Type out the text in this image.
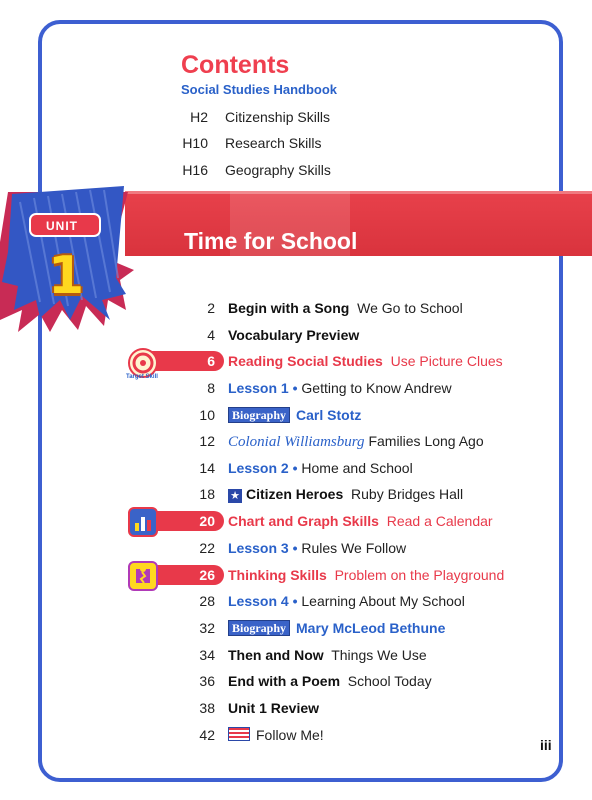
Contents
Social Studies Handbook
H2 Citizenship Skills
H10 Research Skills
H16 Geography Skills
Time for School
UNIT
1
2 Begin with a Song We Go to School
4 Vocabulary Preview
Target Skill
6 Reading Social Studies Use Picture Clues
8 Lesson 1 • Getting to Know Andrew
10 Biography Carl Stotz
12 Colonial Williamsburg Families Long Ago
14 Lesson 2 • Home and School
18 ★ Citizen Heroes Ruby Bridges Hall
20 Chart and Graph Skills Read a Calendar
22 Lesson 3 • Rules We Follow
26 Thinking Skills Problem on the Playground
28 Lesson 4 • Learning About My School
32 Biography Mary McLeod Bethune
34 Then and Now Things We Use
36 End with a Poem School Today
38 Unit 1 Review
42	Follow Me!
iii
